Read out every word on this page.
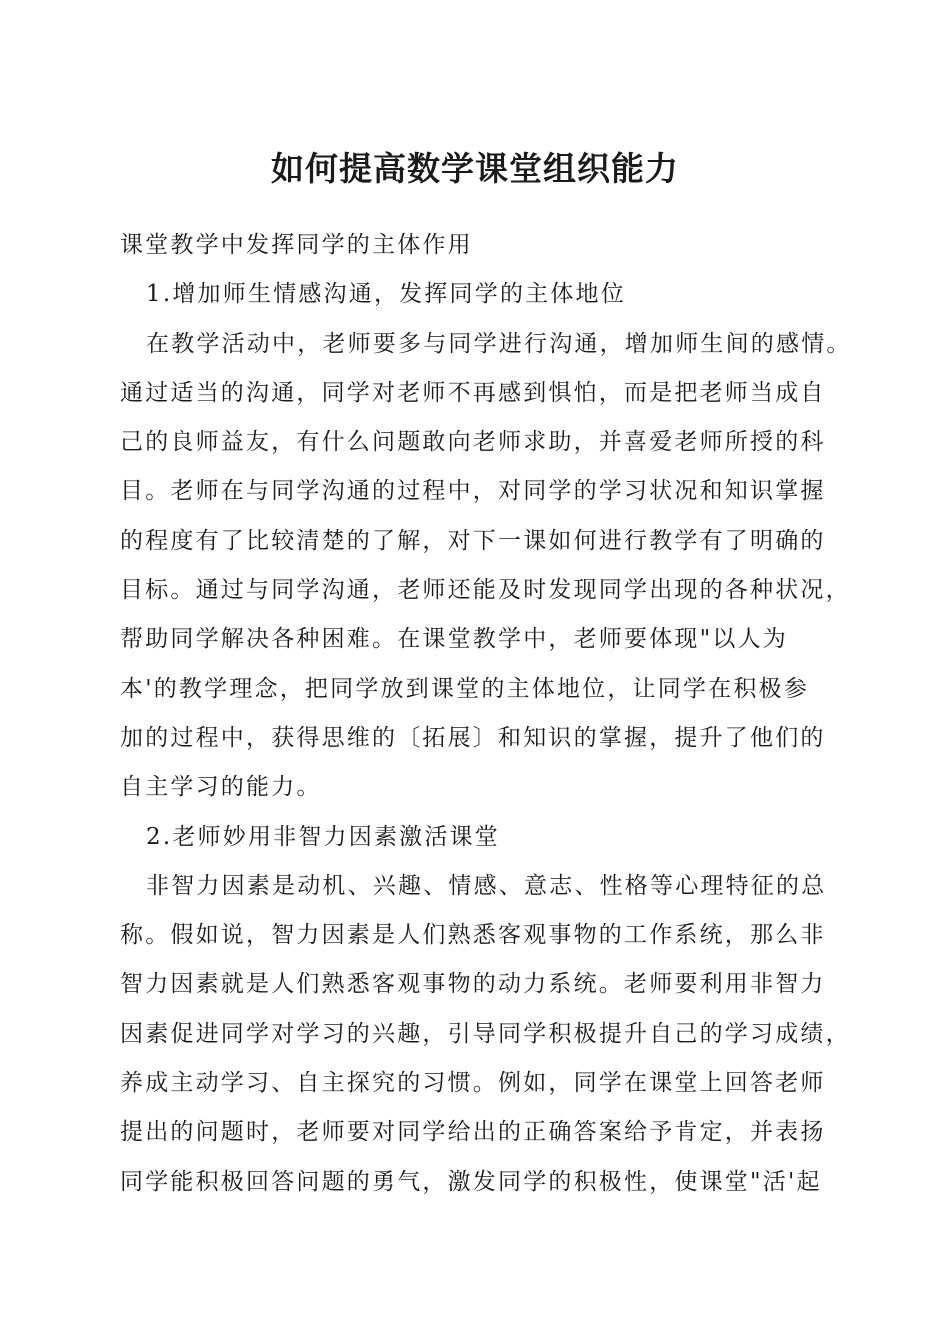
如何提高数学课堂组织能力
课堂教学中发挥同学的主体作用
1.增加师生情感沟通，发挥同学的主体地位
在教学活动中，老师要多与同学进行沟通，增加师生间的感情。
通过适当的沟通，同学对老师不再感到惧怕，而是把老师当成自
己的良师益友，有什么问题敢向老师求助，并喜爱老师所授的科
目。老师在与同学沟通的过程中，对同学的学习状况和知识掌握
的程度有了比较清楚的了解，对下一课如何进行教学有了明确的
目标。通过与同学沟通，老师还能及时发现同学出现的各种状况，
帮助同学解决各种困难。在课堂教学中，老师要体现"以人为
本'的教学理念，把同学放到课堂的主体地位，让同学在积极参
加的过程中，获得思维的〔拓展〕和知识的掌握，提升了他们的
自主学习的能力。
2.老师妙用非智力因素激活课堂
非智力因素是动机、兴趣、情感、意志、性格等心理特征的总
称。假如说，智力因素是人们熟悉客观事物的工作系统，那么非
智力因素就是人们熟悉客观事物的动力系统。老师要利用非智力
因素促进同学对学习的兴趣，引导同学积极提升自己的学习成绩，
养成主动学习、自主探究的习惯。例如，同学在课堂上回答老师
提出的问题时，老师要对同学给出的正确答案给予肯定，并表扬
同学能积极回答问题的勇气，激发同学的积极性，使课堂"活'起
